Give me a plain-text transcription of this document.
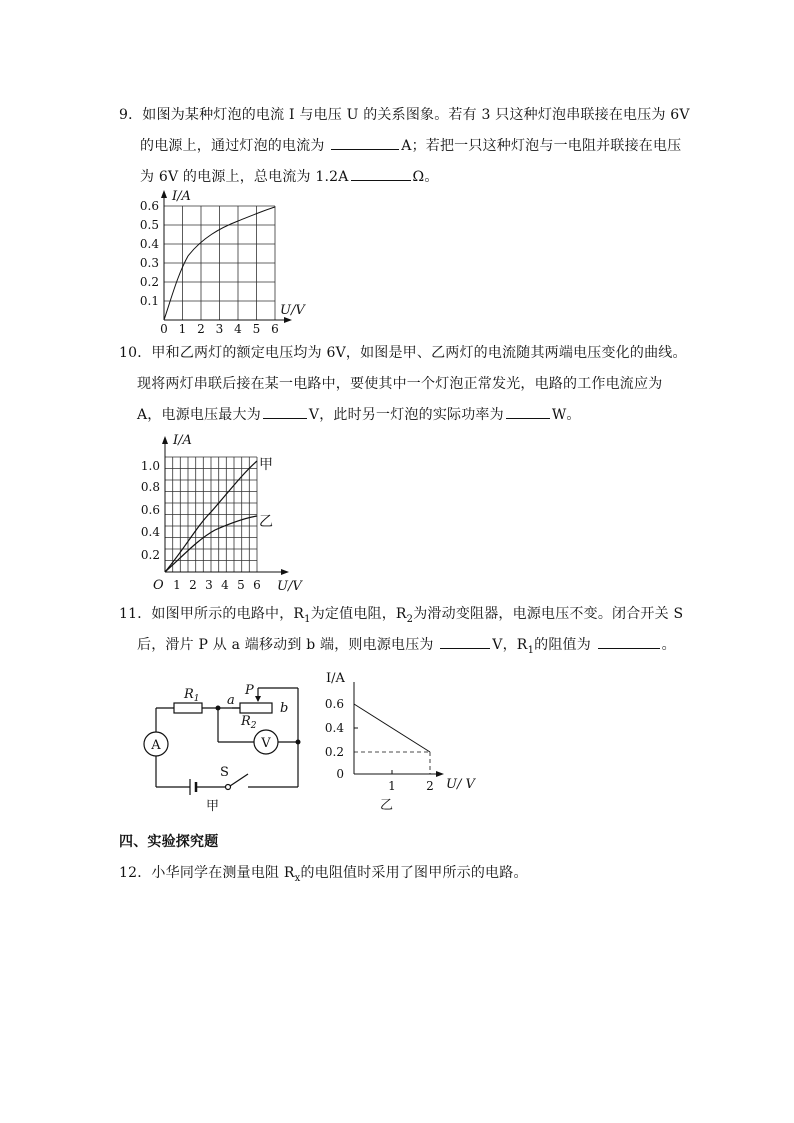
9．如图为某种灯泡的电流 I 与电压 U 的关系图象。若有 3 只这种灯泡串联接在电压为 6V
的电源上，通过灯泡的电流为	A；若把一只这种灯泡与一电阻并联接在电压
为 6V 的电源上，总电流为 1.2A	Ω。
I/A
U/V
0.6
0.5
0.4
0.3
0.2
0.1
0 1 2 3 4 5 6
10．甲和乙两灯的额定电压均为 6V，如图是甲、乙两灯的电流随其两端电压变化的曲线。
现将两灯串联后接在某一电路中，要使其中一个灯泡正常发光，电路的工作电流应为
A，电源电压最大为	V，此时另一灯泡的实际功率为	W。
甲
乙
I/A
U/V
O
1.0
0.8
0.6
0.4
0.2
1 2 3 4 5 6
11．如图甲所示的电路中，$R_1$为定值电阻，$R_2$为滑动变阻器，电源电压不变。闭合开关 S
后，滑片 P 从 a 端移动到 b 端，则电源电压为	V，$R_1$的阻值为	。
$R_1$ a
P
b
$R_2$
A	V
S
甲
I/A
U/ V
0.6
0.4
0.2
0
1	2
乙
四、实验探究题
12．小华同学在测量电阻 $R_x$的电阻值时采用了图甲所示的电路。
